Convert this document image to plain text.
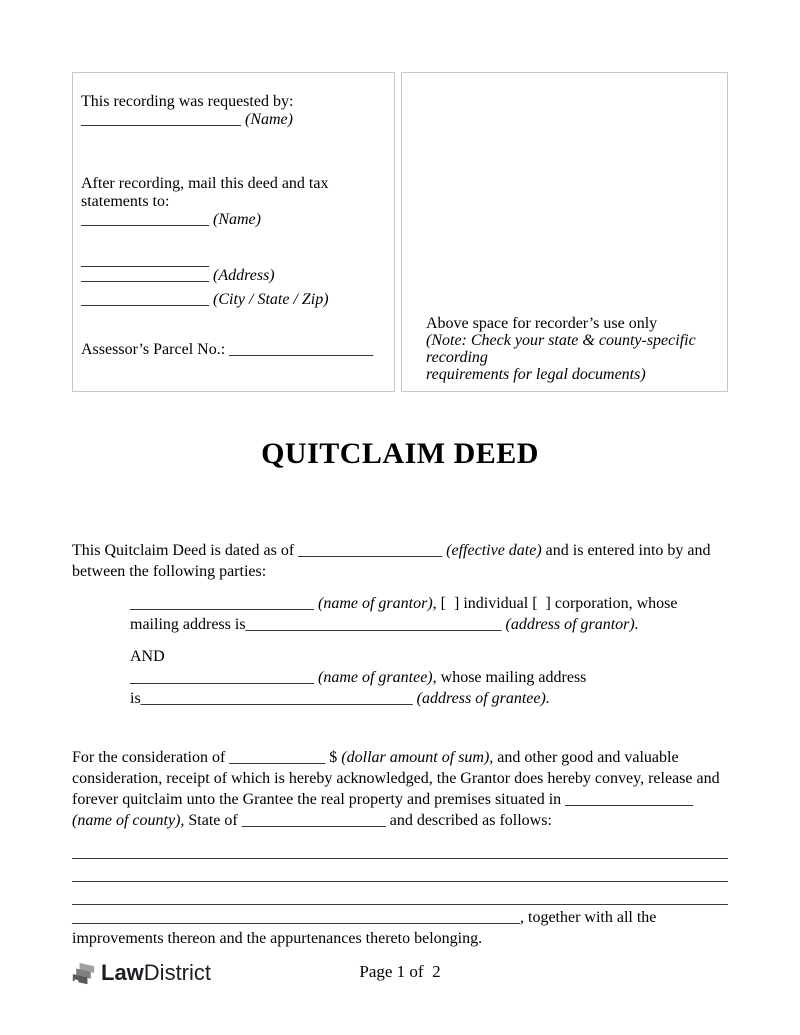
This recording was requested by:
____________________ (Name)
After recording, mail this deed and tax
statements to:
________________ (Name)
________________
________________ (Address)
________________ (City / State / Zip)
Assessor’s Parcel No.: __________________
Above space for recorder’s use only
(Note: Check your state & county-specific recording
requirements for legal documents)
QUITCLAIM DEED
This Quitclaim Deed is dated as of __________________ (effective date) and is entered into by and
between the following parties:
_______________________ (name of grantor), [  ] individual [  ] corporation, whose
mailing address is________________________________ (address of grantor).
AND
_______________________ (name of grantee), whose mailing address
is__________________________________ (address of grantee).
For the consideration of ____________ $ (dollar amount of sum), and other good and valuable
consideration, receipt of which is hereby acknowledged, the Grantor does hereby convey, release and
forever quitclaim unto the Grantee the real property and premises situated in ________________
(name of county), State of __________________ and described as follows:
________________________________________________________, together with all the
improvements thereon and the appurtenances thereto belonging.
Law District	Page 1 of  2
